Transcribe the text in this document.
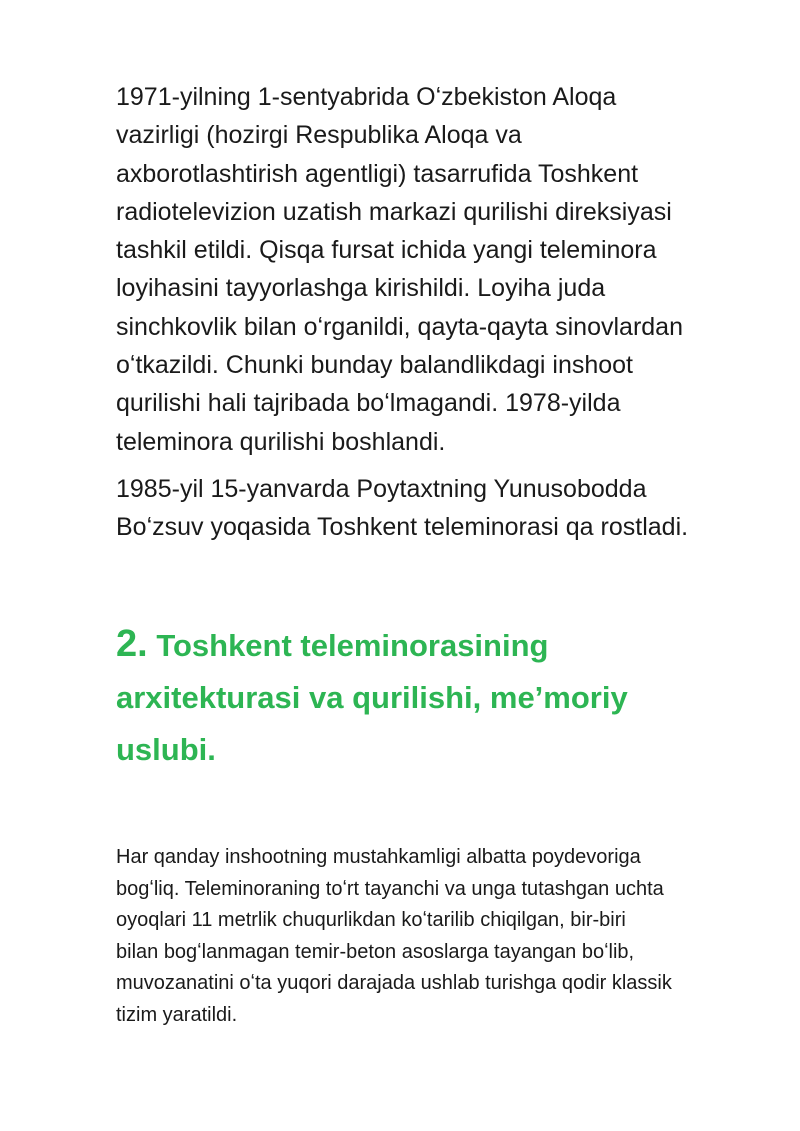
1971-yilning 1-sentyabrida Oʻzbekiston Aloqa
vazirligi (hozirgi Respublika Aloqa va
axborotlashtirish agentligi) tasarrufida Toshkent
radiotelevizion uzatish markazi qurilishi direksiyasi
tashkil etildi. Qisqa fursat ichida yangi teleminora
loyihasini tayyorlashga kirishildi. Loyiha juda
sinchkovlik bilan oʻrganildi, qayta-qayta sinovlardan
oʻtkazildi. Chunki bunday balandlikdagi inshoot
qurilishi hali tajribada boʻlmagandi. 1978-yilda
teleminora qurilishi boshlandi.

1985-yil 15-yanvarda Poytaxtning Yunusobodda
Boʻzsuv yoqasida Toshkent teleminorasi qa rostladi.

2. Toshkent teleminorasining
arxitekturasi va qurilishi, me’moriy
uslubi.

Har qanday inshootning mustahkamligi albatta poydevoriga
bogʻliq. Teleminoraning toʻrt tayanchi va unga tutashgan uchta
oyoqlari 11 metrlik chuqurlikdan koʻtarilib chiqilgan, bir-biri
bilan bogʻlanmagan temir-beton asoslarga tayangan boʻlib,
muvozanatini oʻta yuqori darajada ushlab turishga qodir klassik
tizim yaratildi.
